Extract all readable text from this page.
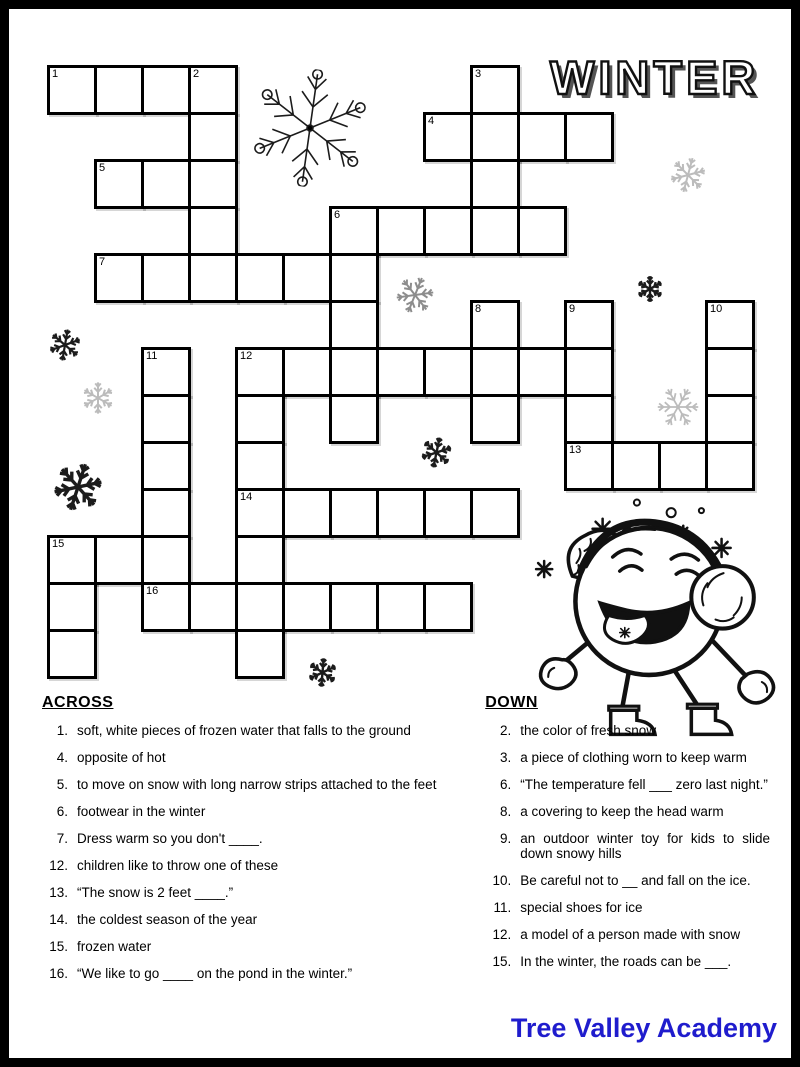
WINTER
1	2	3
4
5
6
7
8	9	10
11	12
13
14
15
16
ACROSS
1. soft, white pieces of frozen water that falls to the ground
4. opposite of hot
5. to move on snow with long narrow strips attached to the feet
6. footwear in the winter
7. Dress warm so you don't ____.
12. children like to throw one of these
13. “The snow is 2 feet ____.”
14. the coldest season of the year
15. frozen water
16. “We like to go ____ on the pond in the winter.”
DOWN
2. the color of fresh snow
3. a piece of clothing worn to keep warm
6. “The temperature fell ___ zero last night.”
8. a covering to keep the head warm
9. an outdoor winter toy for kids to slide down snowy hills
10. Be careful not to __ and fall on the ice.
11. special shoes for ice
12. a model of a person made with snow
15. In the winter, the roads can be ___.
Tree Valley Academy
